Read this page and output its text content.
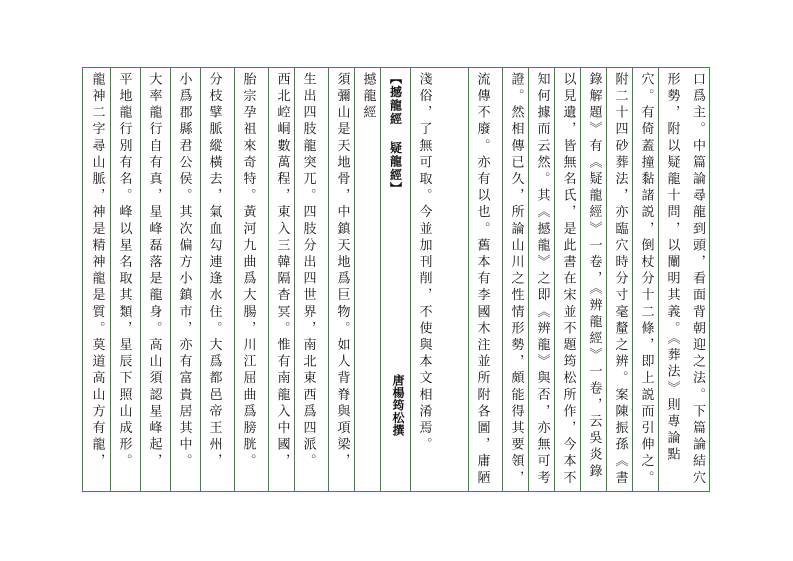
口爲主。中篇論尋龍到頭，看面背朝迎之法。下篇論結穴
形勢，附以疑龍十問，以闡明其義。《葬法》則專論點
穴。有倚蓋撞黏諸説，倒杖分十二條，即上説而引伸之。
附二十四砂葬法，亦臨穴時分寸毫釐之辨。案陳振孫《書
錄解題》有《疑龍經》一卷，《辨龍經》一卷，云吳炎錄
以見遺，皆無名氏，是此書在宋並不題筠松所作，今本不
知何據而云然。其《撼龍》之即《辨龍》與否，亦無可考
證。然相傳已久，所論山川之性情形勢，頗能得其要領，
流傳不廢。亦有以也。舊本有李國木注並所附各圖，庸陋
淺俗，了無可取。今並加刊削，不使與本文相淆焉。
【撼龍經 疑龍經】
唐楊筠松撰
撼龍經
須彌山是天地骨，中鎮天地爲巨物。如人背脊與項梁，
生出四肢龍突兀。四肢分出四世界，南北東西爲四派。
西北崆峒數萬程，東入三韓隔杳冥。惟有南龍入中國，
胎宗孕祖來奇特。黃河九曲爲大腸，川江屈曲爲膀胱。
分枝擘脈縱橫去，氣血勾連逢水住。大爲都邑帝王州，
小爲郡縣君公侯。其次偏方小鎮市，亦有富貴居其中。
大率龍行自有真，星峰磊落是龍身。高山須認星峰起，
平地龍行別有名。峰以星名取其類，星辰下照山成形。
龍神二字尋山脈，神是精神龍是質。莫道高山方有龍，
